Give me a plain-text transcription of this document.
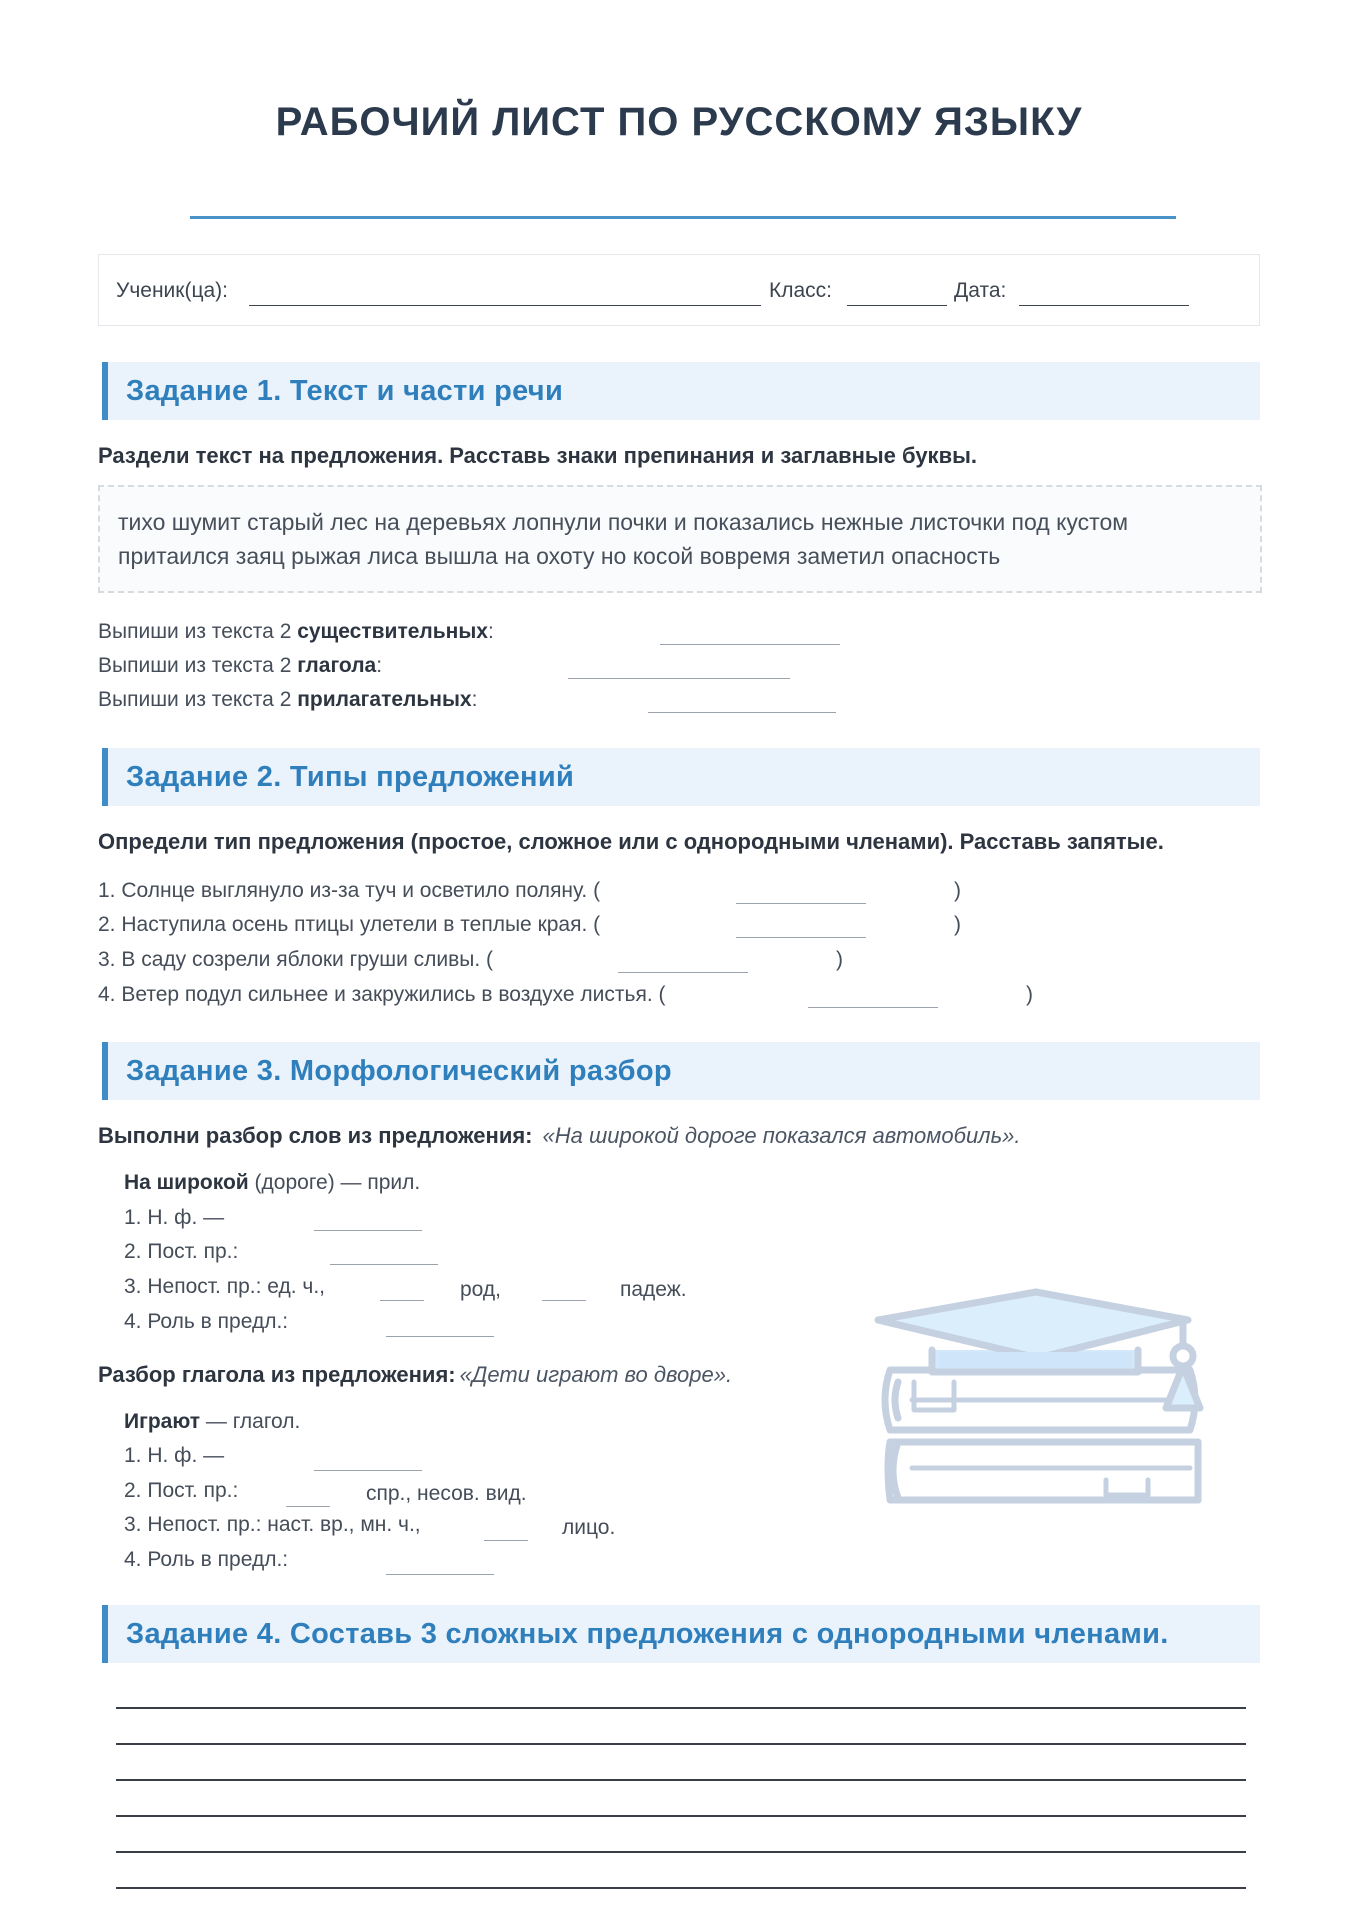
РАБОЧИЙ ЛИСТ ПО РУССКОМУ ЯЗЫКУ
Ученик(ца):	Класс:	Дата:
Задание 1. Текст и части речи
Раздели текст на предложения. Расставь знаки препинания и заглавные буквы.
тихо шумит старый лес на деревьях лопнули почки и показались нежные листочки под кустом
притаился заяц рыжая лиса вышла на охоту но косой вовремя заметил опасность
Выпиши из текста 2 существительных:
Выпиши из текста 2 глагола:
Выпиши из текста 2 прилагательных:
Задание 2. Типы предложений
Определи тип предложения (простое, сложное или с однородными членами). Расставь запятые.
1. Солнце выглянуло из-за туч и осветило поляну. (	)
2. Наступила осень птицы улетели в теплые края. (	)
3. В саду созрели яблоки груши сливы. (	)
4. Ветер подул сильнее и закружились в воздухе листья. (	)
Задание 3. Морфологический разбор
Выполни разбор слов из предложения: «На широкой дороге показался автомобиль».
На широкой (дороге) — прил.
1. Н. ф. —
2. Пост. пр.:
3. Непост. пр.: ед. ч.,	род,	падеж.
4. Роль в предл.:
Разбор глагола из предложения: «Дети играют во дворе».
Играют — глагол.
1. Н. ф. —
2. Пост. пр.:	спр., несов. вид.
3. Непост. пр.: наст. вр., мн. ч.,	лицо.
4. Роль в предл.:
Задание 4. Составь 3 сложных предложения с однородными членами.
